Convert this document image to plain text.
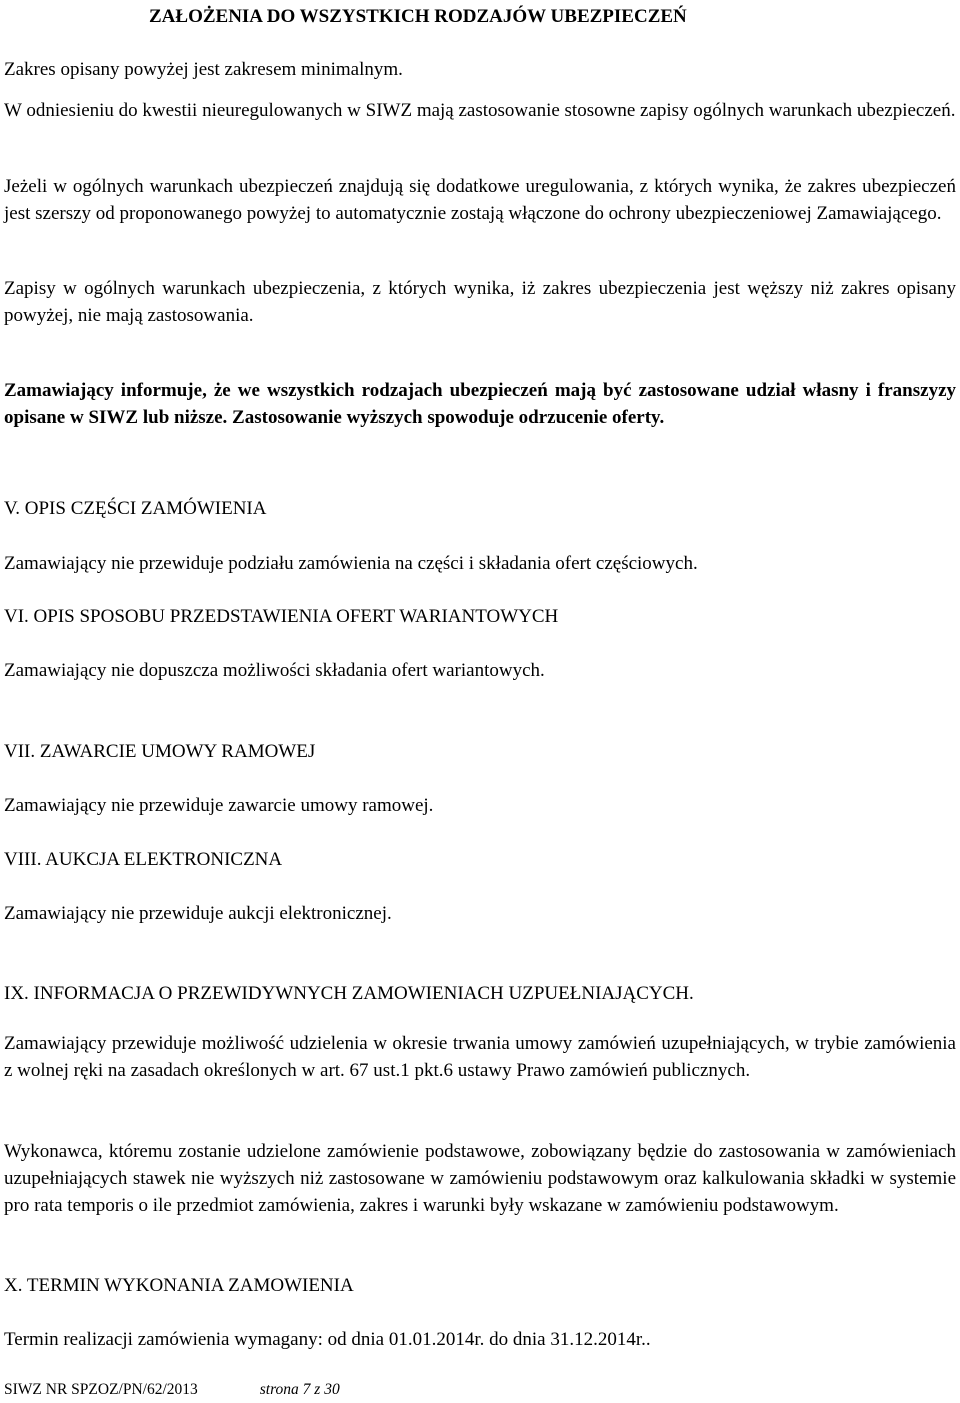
ZAŁOŻENIA DO WSZYSTKICH RODZAJÓW UBEZPIECZEŃ

Zakres opisany powyżej jest zakresem minimalnym.

W odniesieniu do kwestii nieuregulowanych w SIWZ mają zastosowanie stosowne zapisy ogólnych warunkach ubezpieczeń.

Jeżeli w ogólnych warunkach ubezpieczeń znajdują się dodatkowe uregulowania, z których wynika, że zakres ubezpieczeń jest szerszy od proponowanego powyżej to automatycznie zostają włączone do ochrony ubezpieczeniowej Zamawiającego.

Zapisy w ogólnych warunkach ubezpieczenia, z których wynika, iż zakres ubezpieczenia jest węższy niż zakres opisany powyżej, nie mają zastosowania.

Zamawiający informuje, że we wszystkich rodzajach ubezpieczeń mają być zastosowane udział własny i franszyzy opisane w SIWZ lub niższe. Zastosowanie wyższych spowoduje odrzucenie oferty.

V. OPIS CZĘŚCI ZAMÓWIENIA

Zamawiający nie przewiduje podziału zamówienia na części i składania ofert częściowych.

VI. OPIS SPOSOBU PRZEDSTAWIENIA OFERT WARIANTOWYCH

Zamawiający nie dopuszcza możliwości składania ofert wariantowych.

VII. ZAWARCIE UMOWY RAMOWEJ

Zamawiający nie przewiduje zawarcie umowy ramowej.

VIII. AUKCJA ELEKTRONICZNA

Zamawiający nie przewiduje aukcji elektronicznej.

IX. INFORMACJA O PRZEWIDYWNYCH ZAMOWIENIACH UZPUEŁNIAJĄCYCH.

Zamawiający przewiduje możliwość udzielenia w okresie trwania umowy zamówień uzupełniających, w trybie zamówienia z wolnej ręki na zasadach określonych w art. 67 ust.1 pkt.6 ustawy Prawo zamówień publicznych.

Wykonawca, któremu zostanie udzielone zamówienie podstawowe, zobowiązany będzie do zastosowania w zamówieniach uzupełniających stawek nie wyższych niż zastosowane w zamówieniu podstawowym oraz kalkulowania składki w systemie pro rata temporis o ile przedmiot zamówienia, zakres i warunki były wskazane w zamówieniu podstawowym.

X. TERMIN WYKONANIA ZAMOWIENIA

Termin realizacji zamówienia wymagany: od dnia 01.01.2014r. do dnia 31.12.2014r..

SIWZ NR SPZOZ/PN/62/2013	strona 7 z 30
